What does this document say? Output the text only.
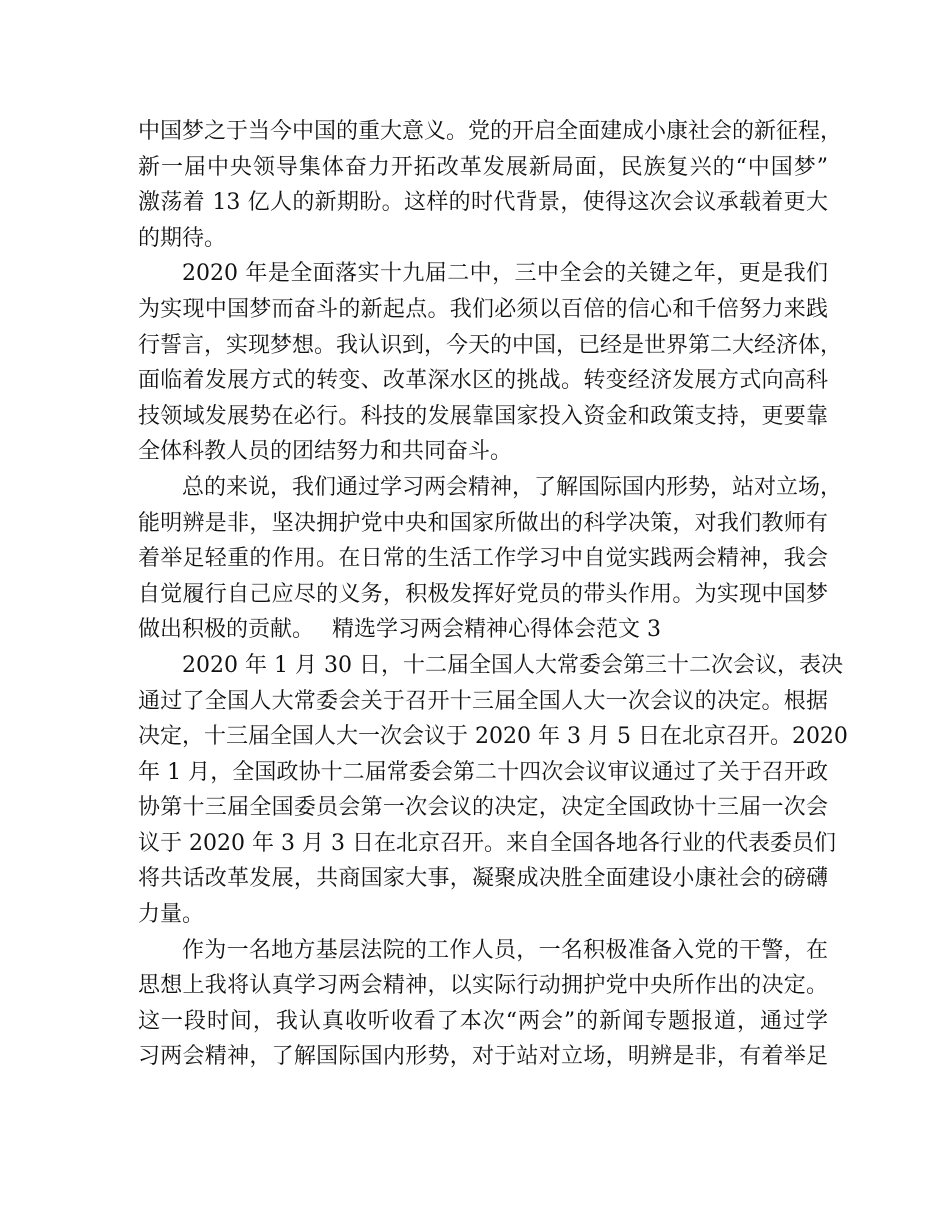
中国梦之于当今中国的重大意义。党的开启全面建成小康社会的新征程，
新一届中央领导集体奋力开拓改革发展新局面，民族复兴的“中国梦”
激荡着 13 亿人的新期盼。这样的时代背景，使得这次会议承载着更大
的期待。
2020 年是全面落实十九届二中，三中全会的关键之年，更是我们
为实现中国梦而奋斗的新起点。我们必须以百倍的信心和千倍努力来践
行誓言，实现梦想。我认识到，今天的中国，已经是世界第二大经济体，
面临着发展方式的转变、改革深水区的挑战。转变经济发展方式向高科
技领域发展势在必行。科技的发展靠国家投入资金和政策支持，更要靠
全体科教人员的团结努力和共同奋斗。
总的来说，我们通过学习两会精神，了解国际国内形势，站对立场，
能明辨是非，坚决拥护党中央和国家所做出的科学决策，对我们教师有
着举足轻重的作用。在日常的生活工作学习中自觉实践两会精神，我会
自觉履行自己应尽的义务，积极发挥好党员的带头作用。为实现中国梦
做出积极的贡献。　 精选学习两会精神心得体会范文 3
2020 年 1 月 30 日，十二届全国人大常委会第三十二次会议，表决
通过了全国人大常委会关于召开十三届全国人大一次会议的决定。根据
决定，十三届全国人大一次会议于 2020 年 3 月 5 日在北京召开。2020
年 1 月，全国政协十二届常委会第二十四次会议审议通过了关于召开政
协第十三届全国委员会第一次会议的决定，决定全国政协十三届一次会
议于 2020 年 3 月 3 日在北京召开。来自全国各地各行业的代表委员们
将共话改革发展，共商国家大事，凝聚成决胜全面建设小康社会的磅礴
力量。
作为一名地方基层法院的工作人员，一名积极准备入党的干警，在
思想上我将认真学习两会精神，以实际行动拥护党中央所作出的决定。
这一段时间，我认真收听收看了本次“两会”的新闻专题报道，通过学
习两会精神，了解国际国内形势，对于站对立场，明辨是非，有着举足
